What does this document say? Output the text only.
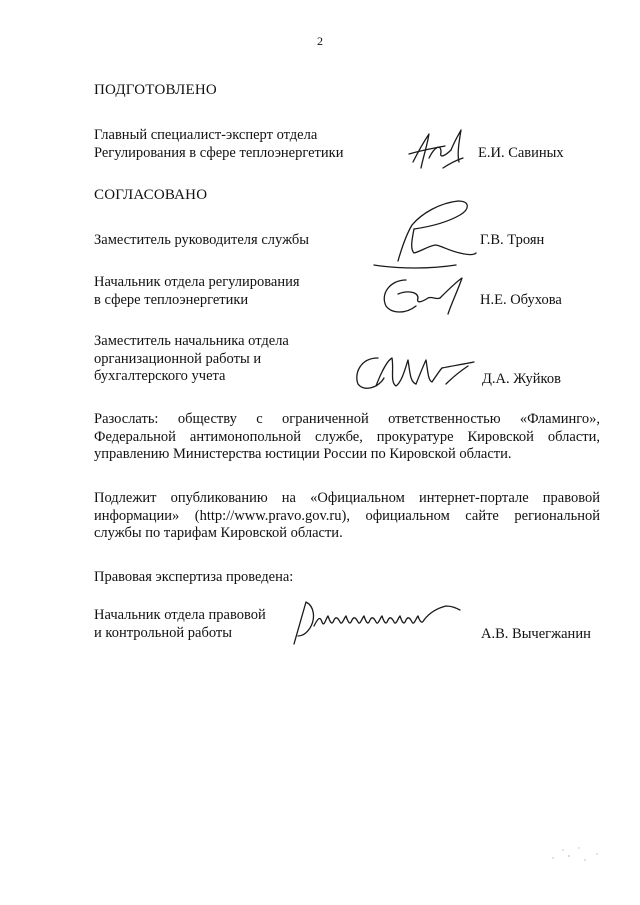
2
ПОДГОТОВЛЕНО
Главный специалист-эксперт отдела
Регулирования в сфере теплоэнергетики	Е.И. Савиных
СОГЛАСОВАНО
Заместитель руководителя службы	Г.В. Троян
Начальник отдела регулирования
в сфере теплоэнергетики	Н.Е. Обухова
Заместитель начальника отдела
организационной работы и
бухгалтерского учета	Д.А. Жуйков
Разослать: обществу с ограниченной ответственностью «Фламинго», Федеральной антимонопольной службе, прокуратуре Кировской области, управлению Министерства юстиции России по Кировской области.
Подлежит опубликованию на «Официальном интернет-портале правовой информации» (http://www.pravo.gov.ru), официальном сайте региональной службы по тарифам Кировской области.
Правовая экспертиза проведена:
Начальник отдела правовой
и контрольной работы	А.В. Вычегжанин
